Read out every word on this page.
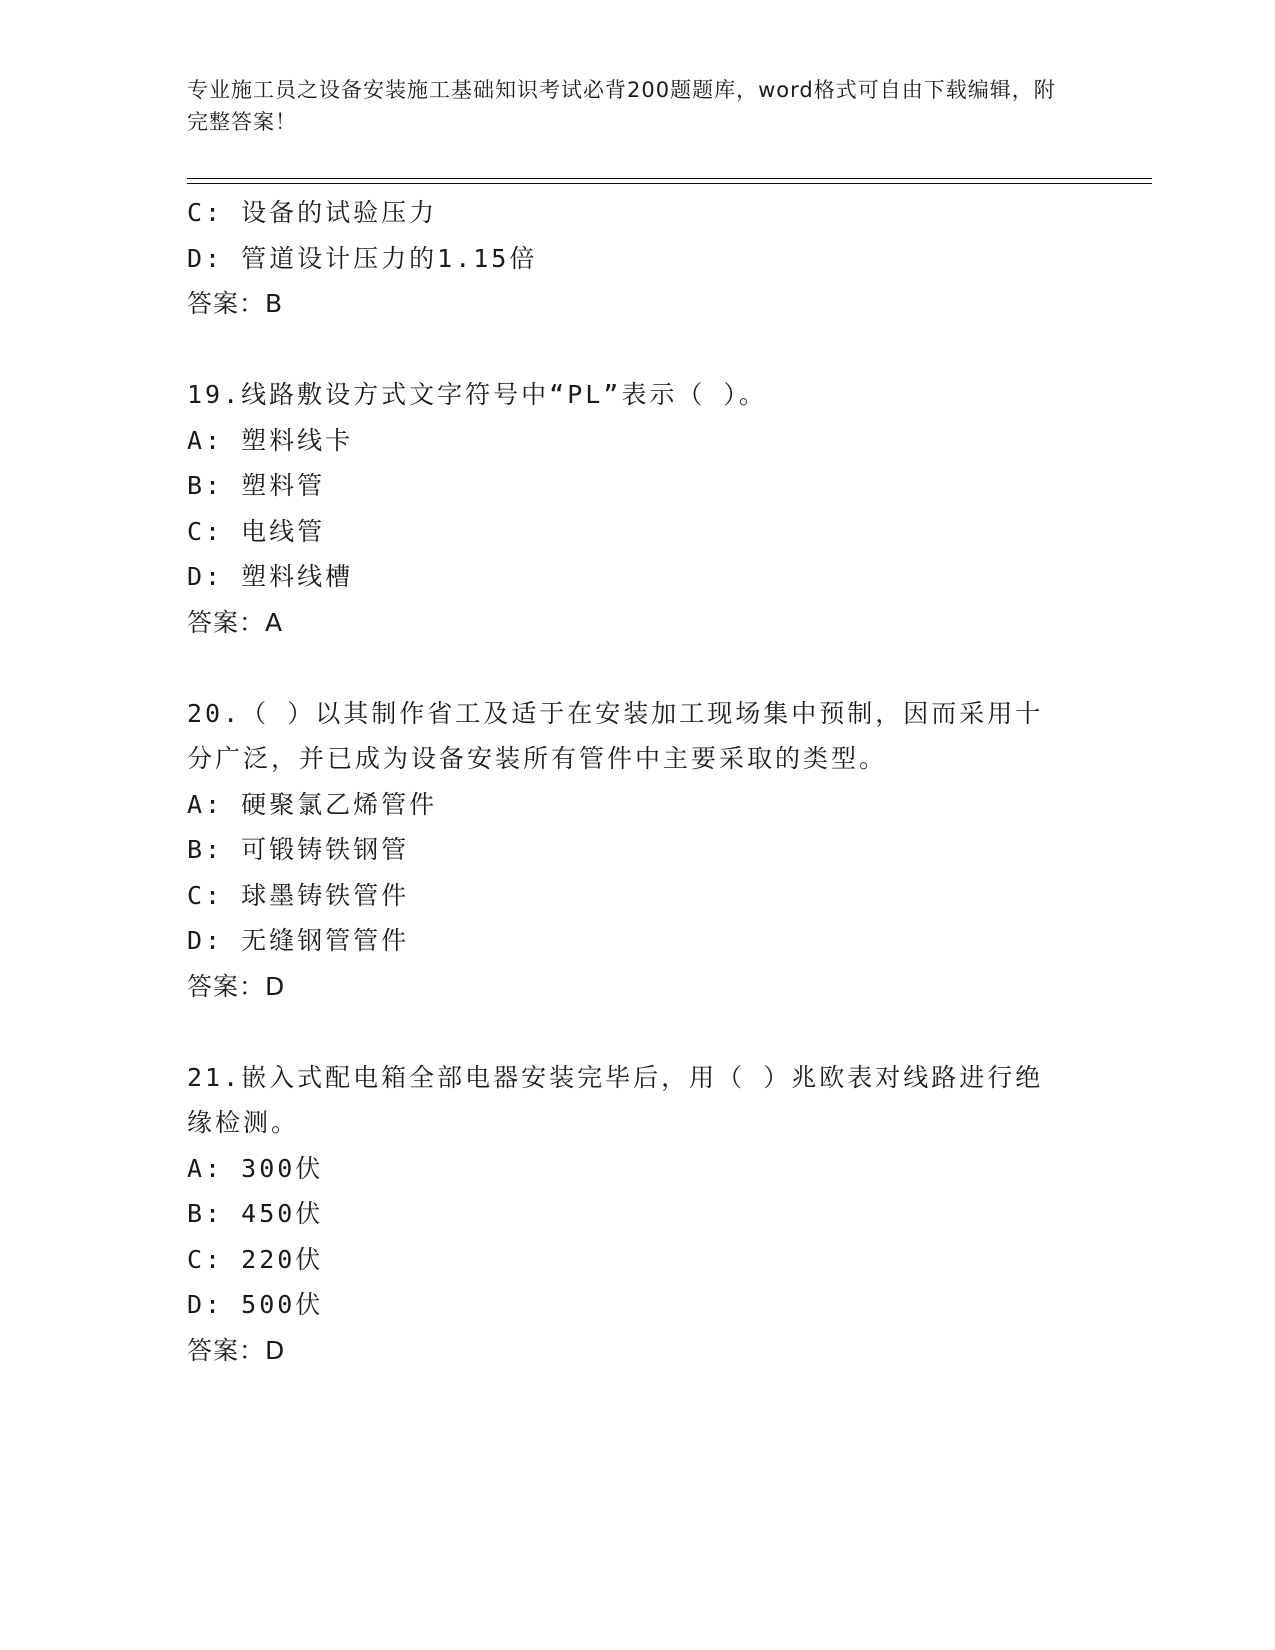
专业施工员之设备安装施工基础知识考试必背200题题库，word格式可自由下载编辑，附完整答案！
C: 设备的试验压力
D: 管道设计压力的1.15倍
答案：B
19.线路敷设方式文字符号中“PL”表示（ ）。
A: 塑料线卡
B: 塑料管
C: 电线管
D: 塑料线槽
答案：A
20.（ ）以其制作省工及适于在安装加工现场集中预制，因而采用十分广泛，并已成为设备安装所有管件中主要采取的类型。
A: 硬聚氯乙烯管件
B: 可锻铸铁钢管
C: 球墨铸铁管件
D: 无缝钢管管件
答案：D
21.嵌入式配电箱全部电器安装完毕后，用（ ）兆欧表对线路进行绝缘检测。
A: 300伏
B: 450伏
C: 220伏
D: 500伏
答案：D
